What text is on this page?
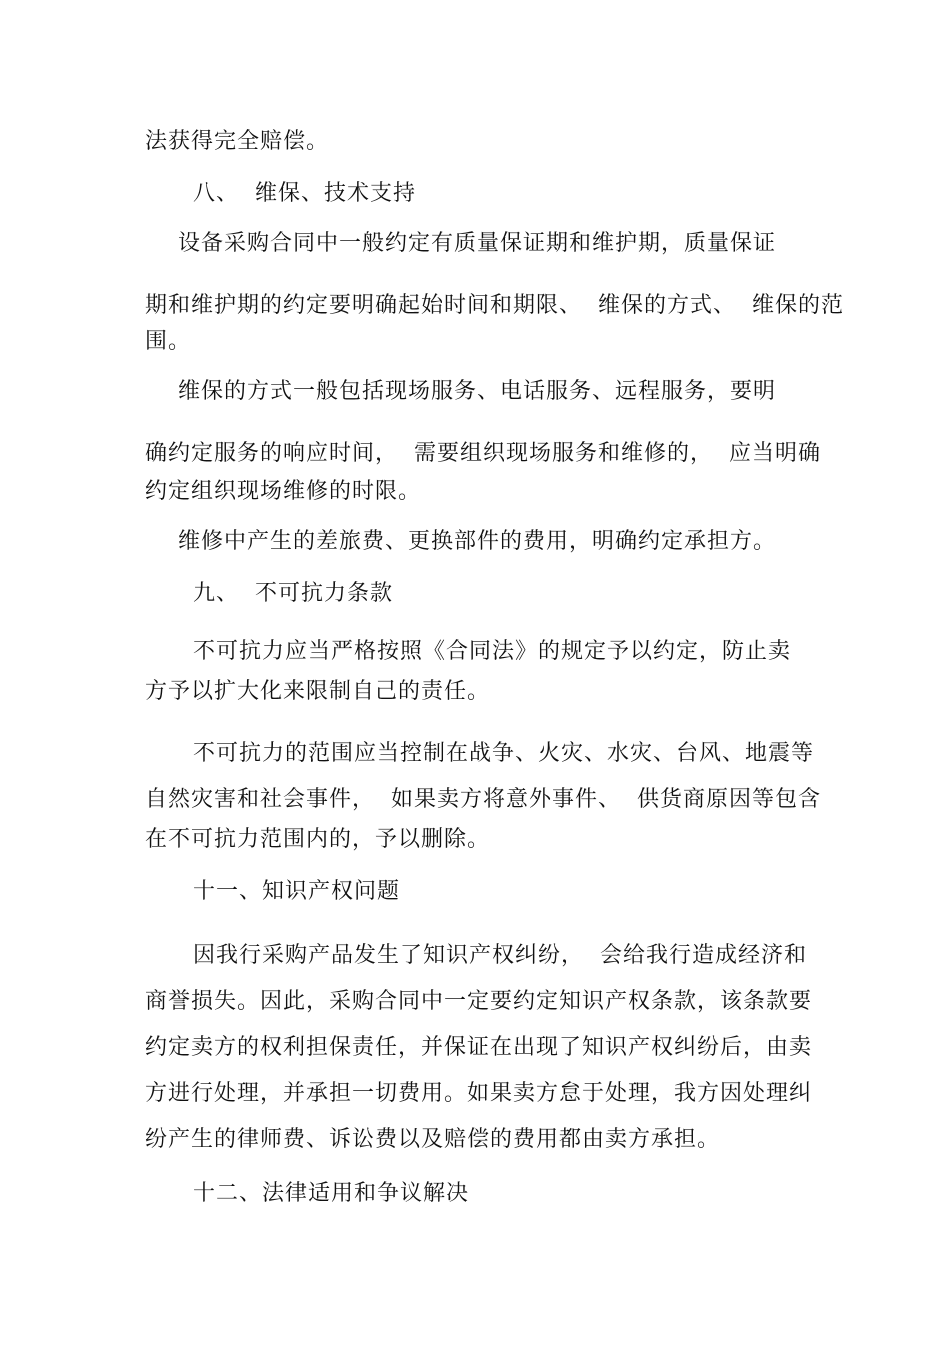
法获得完全赔偿。
八、  维保、技术支持
设备采购合同中一般约定有质量保证期和维护期，质量保证
期和维护期的约定要明确起始时间和期限、  维保的方式、  维保的范
围。
维保的方式一般包括现场服务、电话服务、远程服务，要明
确约定服务的响应时间，  需要组织现场服务和维修的，  应当明确
约定组织现场维修的时限。
维修中产生的差旅费、更换部件的费用，明确约定承担方。
九、  不可抗力条款
不可抗力应当严格按照《合同法》的规定予以约定，防止卖
方予以扩大化来限制自己的责任。
不可抗力的范围应当控制在战争、火灾、水灾、台风、地震等
自然灾害和社会事件，  如果卖方将意外事件、  供货商原因等包含
在不可抗力范围内的，予以删除。
十一、知识产权问题
因我行采购产品发生了知识产权纠纷，  会给我行造成经济和
商誉损失。因此，采购合同中一定要约定知识产权条款，该条款要
约定卖方的权利担保责任，并保证在出现了知识产权纠纷后，由卖
方进行处理，并承担一切费用。如果卖方怠于处理，我方因处理纠
纷产生的律师费、诉讼费以及赔偿的费用都由卖方承担。
十二、法律适用和争议解决
